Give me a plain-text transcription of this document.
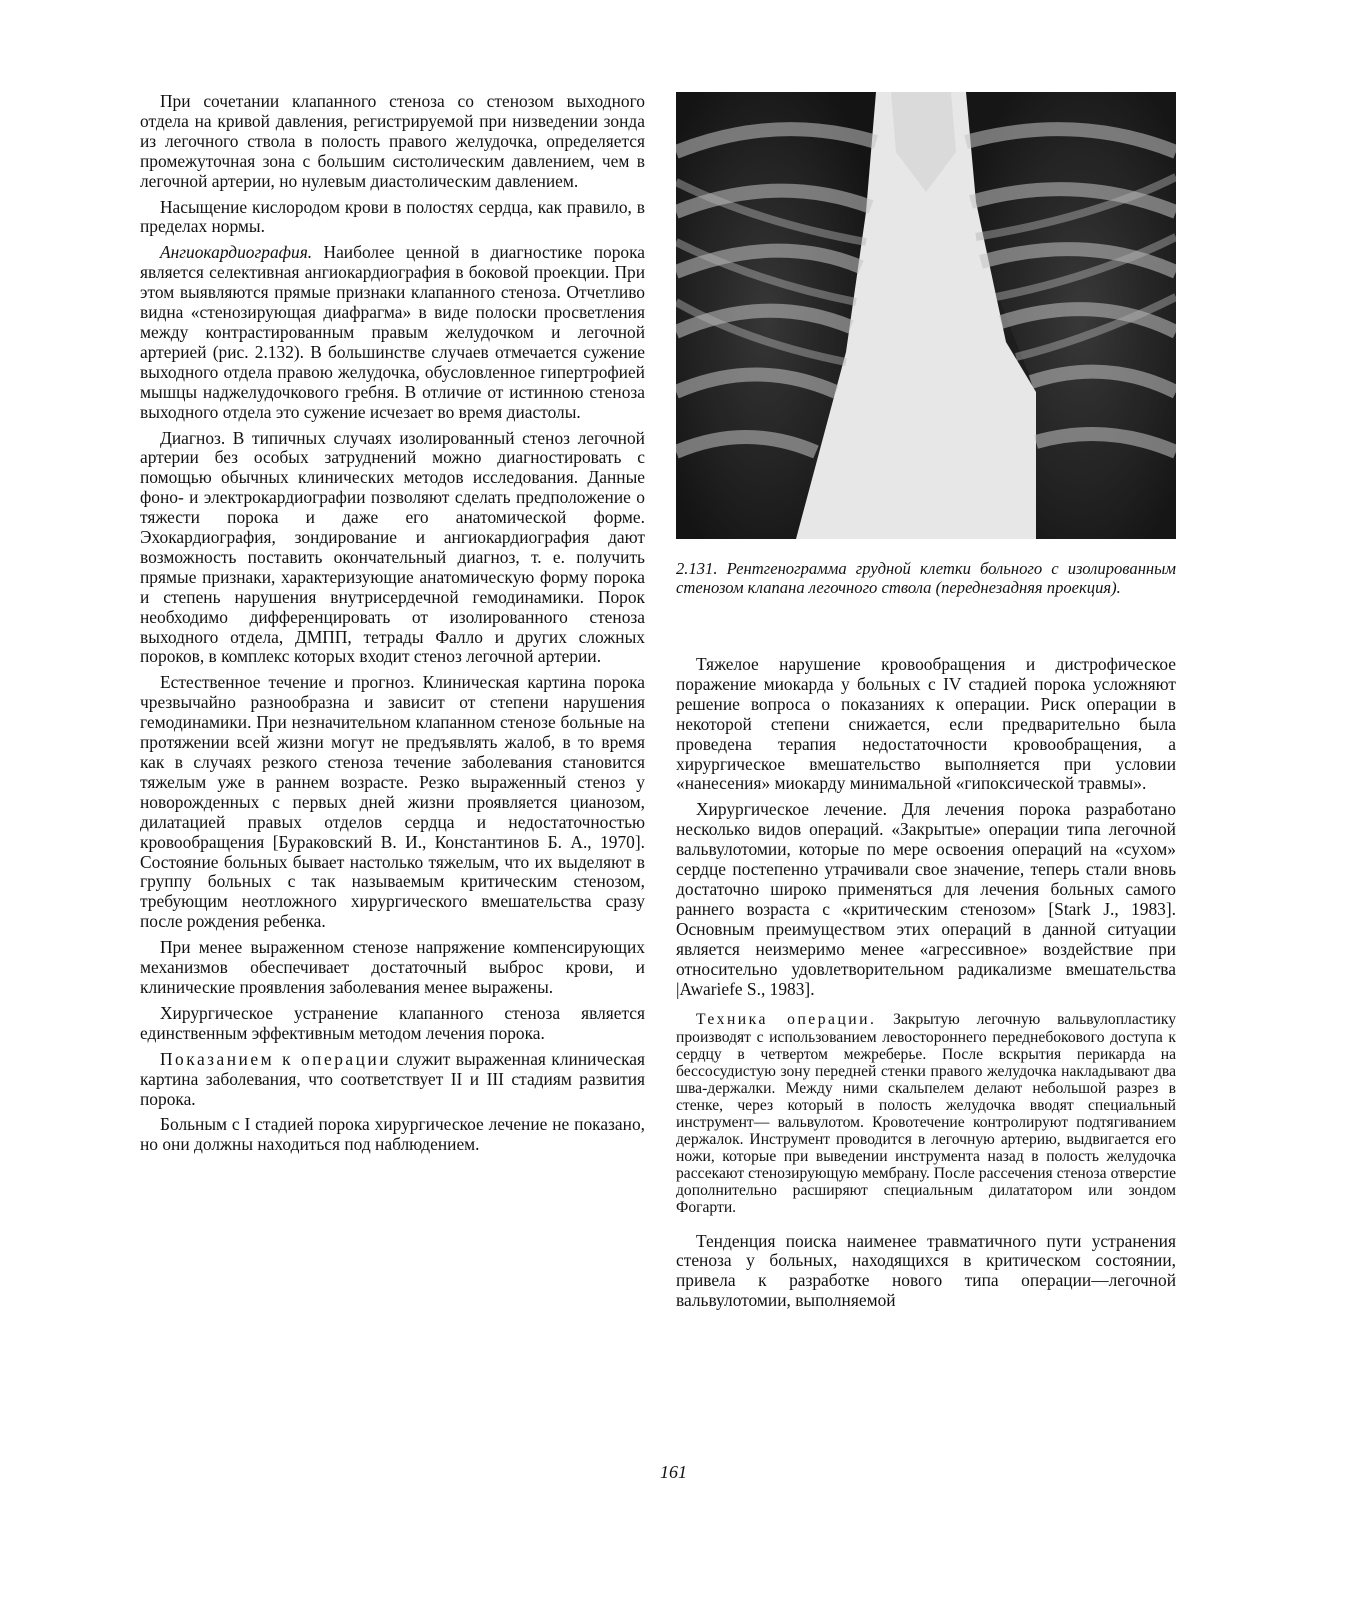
При сочетании клапанного стеноза со стенозом выходного отдела на кривой давления, регистрируемой при низведении зонда из легочного ствола в полость правого желудочка, определяется промежуточная зона с большим систолическим давлением, чем в легочной артерии, но нулевым диастолическим давлением.

Насыщение кислородом крови в полостях сердца, как правило, в пределах нормы.

Ангиокардиография. Наиболее ценной в диагностике порока является селективная ангиокардиография в боковой проекции. При этом выявляются прямые признаки клапанного стеноза. Отчетливо видна «стенозирующая диафрагма» в виде полоски просветления между контрастированным правым желудочком и легочной артерией (рис. 2.132). В большинстве случаев отмечается сужение выходного отдела правою желудочка, обусловленное гипертрофией мышцы наджелудочкового гребня. В отличие от истинною стеноза выходного отдела это сужение исчезает во время диастолы.

Диагноз. В типичных случаях изолированный стеноз легочной артерии без особых затруднений можно диагностировать с помощью обычных клинических методов исследования. Данные фоно- и электрокардиографии позволяют сделать предположение о тяжести порока и даже его анатомической форме. Эхокардиография, зондирование и ангиокардиография дают возможность поставить окончательный диагноз, т. е. получить прямые признаки, характеризующие анатомическую форму порока и степень нарушения внутрисердечной гемодинамики. Порок необходимо дифференцировать от изолированного стеноза выходного отдела, ДМПП, тетрады Фалло и других сложных пороков, в комплекс которых входит стеноз легочной артерии.

Естественное течение и прогноз. Клиническая картина порока чрезвычайно разнообразна и зависит от степени нарушения гемодинамики. При незначительном клапанном стенозе больные на протяжении всей жизни могут не предъявлять жалоб, в то время как в случаях резкого стеноза течение заболевания становится тяжелым уже в раннем возрасте. Резко выраженный стеноз у новорожденных с первых дней жизни проявляется цианозом, дилатацией правых отделов сердца и недостаточностью кровообращения [Бураковский В. И., Константинов Б. А., 1970]. Состояние больных бывает настолько тяжелым, что их выделяют в группу больных с так называемым критическим стенозом, требующим неотложного хирургического вмешательства сразу после рождения ребенка.

При менее выраженном стенозе напряжение компенсирующих механизмов обеспечивает достаточный выброс крови, и клинические проявления заболевания менее выражены.

Хирургическое устранение клапанного стеноза является единственным эффективным методом лечения порока.

Показанием к операции служит выраженная клиническая картина заболевания, что соответствует II и III стадиям развития порока.

Больным с I стадией порока хирургическое лечение не показано, но они должны находиться под наблюдением.

2.131. Рентгенограмма грудной клетки больного с изолированным стенозом клапана легочного ствола (переднезадняя проекция).

Тяжелое нарушение кровообращения и дистрофическое поражение миокарда у больных с IV стадией порока усложняют решение вопроса о показаниях к операции. Риск операции в некоторой степени снижается, если предварительно была проведена терапия недостаточности кровообращения, а хирургическое вмешательство выполняется при условии «нанесения» миокарду минимальной «гипоксической травмы».

Хирургическое лечение. Для лечения порока разработано несколько видов операций. «Закрытые» операции типа легочной вальвулотомии, которые по мере освоения операций на «сухом» сердце постепенно утрачивали свое значение, теперь стали вновь достаточно широко применяться для лечения больных самого раннего возраста с «критическим стенозом» [Stark J., 1983]. Основным преимуществом этих операций в данной ситуации является неизмеримо менее «агрессивное» воздействие при относительно удовлетворительном радикализме вмешательства |Awariefe S., 1983].

Техника операции. Закрытую легочную вальвулопластику производят с использованием левостороннего переднебокового доступа к сердцу в четвертом межреберье. После вскрытия перикарда на бессосудистую зону передней стенки правого желудочка накладывают два шва-держалки. Между ними скальпелем делают небольшой разрез в стенке, через который в полость желудочка вводят специальный инструмент— вальвулотом. Кровотечение контролируют подтягиванием держалок. Инструмент проводится в легочную артерию, выдвигается его ножи, которые при выведении инструмента назад в полость желудочка рассекают стенозирующую мембрану. После рассечения стеноза отверстие дополнительно расширяют специальным дилататором или зондом Фогарти.

Тенденция поиска наименее травматичного пути устранения стеноза у больных, находящихся в критическом состоянии, привела к разработке нового типа операции—легочной вальвулотомии, выполняемой

161
